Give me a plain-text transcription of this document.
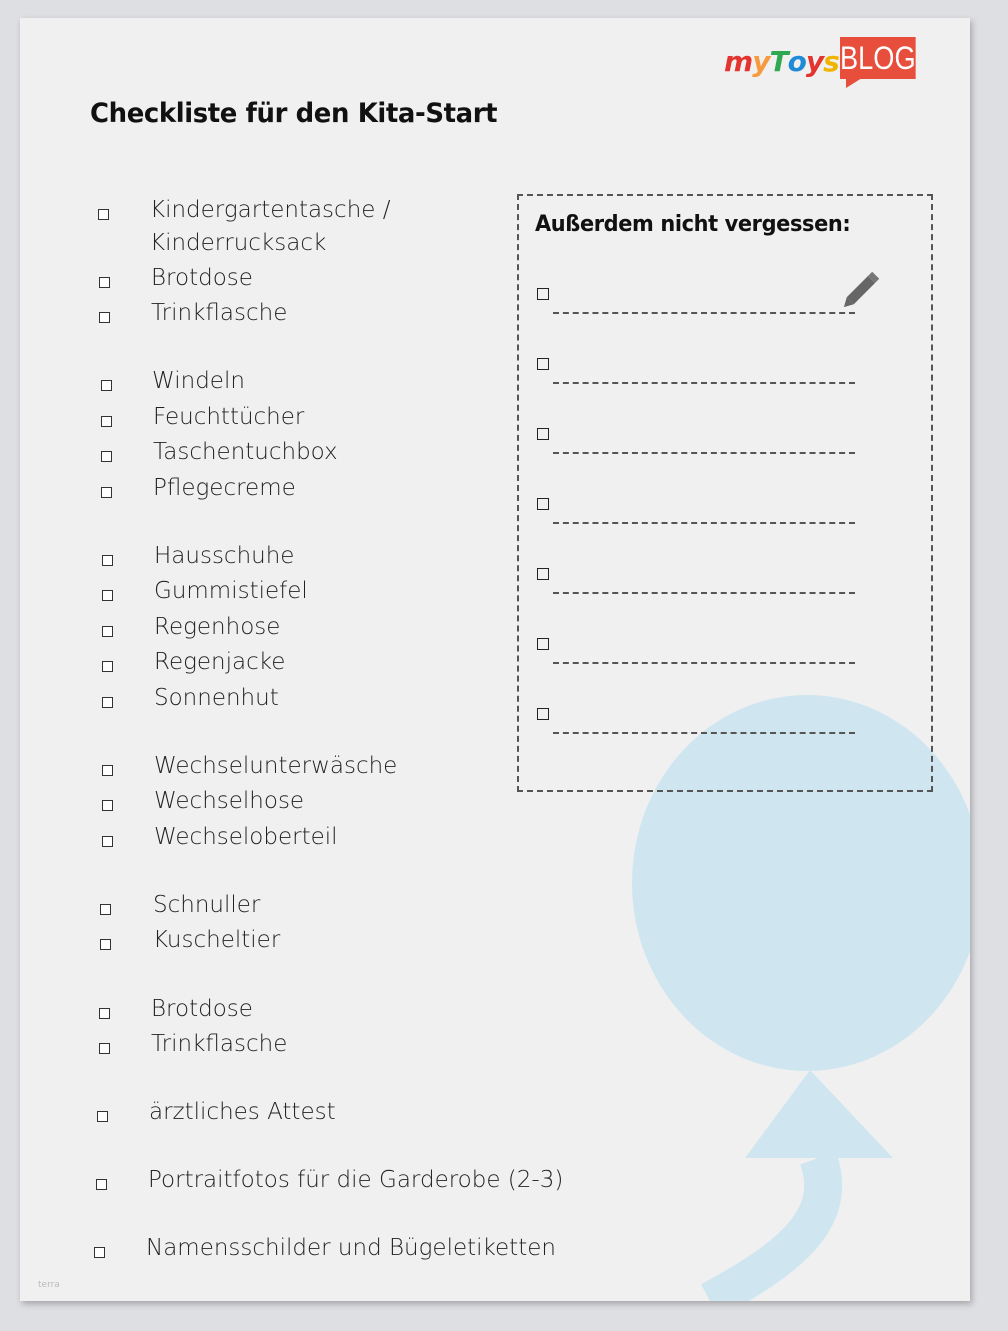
myToys BLOG
Checkliste für den Kita-Start
Kindergartentasche /
Kinderrucksack
Brotdose
Trinkflasche
Windeln
Feuchttücher
Taschentuchbox
Pflegecreme
Hausschuhe
Gummistiefel
Regenhose
Regenjacke
Sonnenhut
Wechselunterwäsche
Wechselhose
Wechseloberteil
Schnuller
Kuscheltier
Brotdose
Trinkflasche
ärztliches Attest
Portraitfotos für die Garderobe (2-3)
Namensschilder und Bügeletiketten
Außerdem nicht vergessen:
terra
